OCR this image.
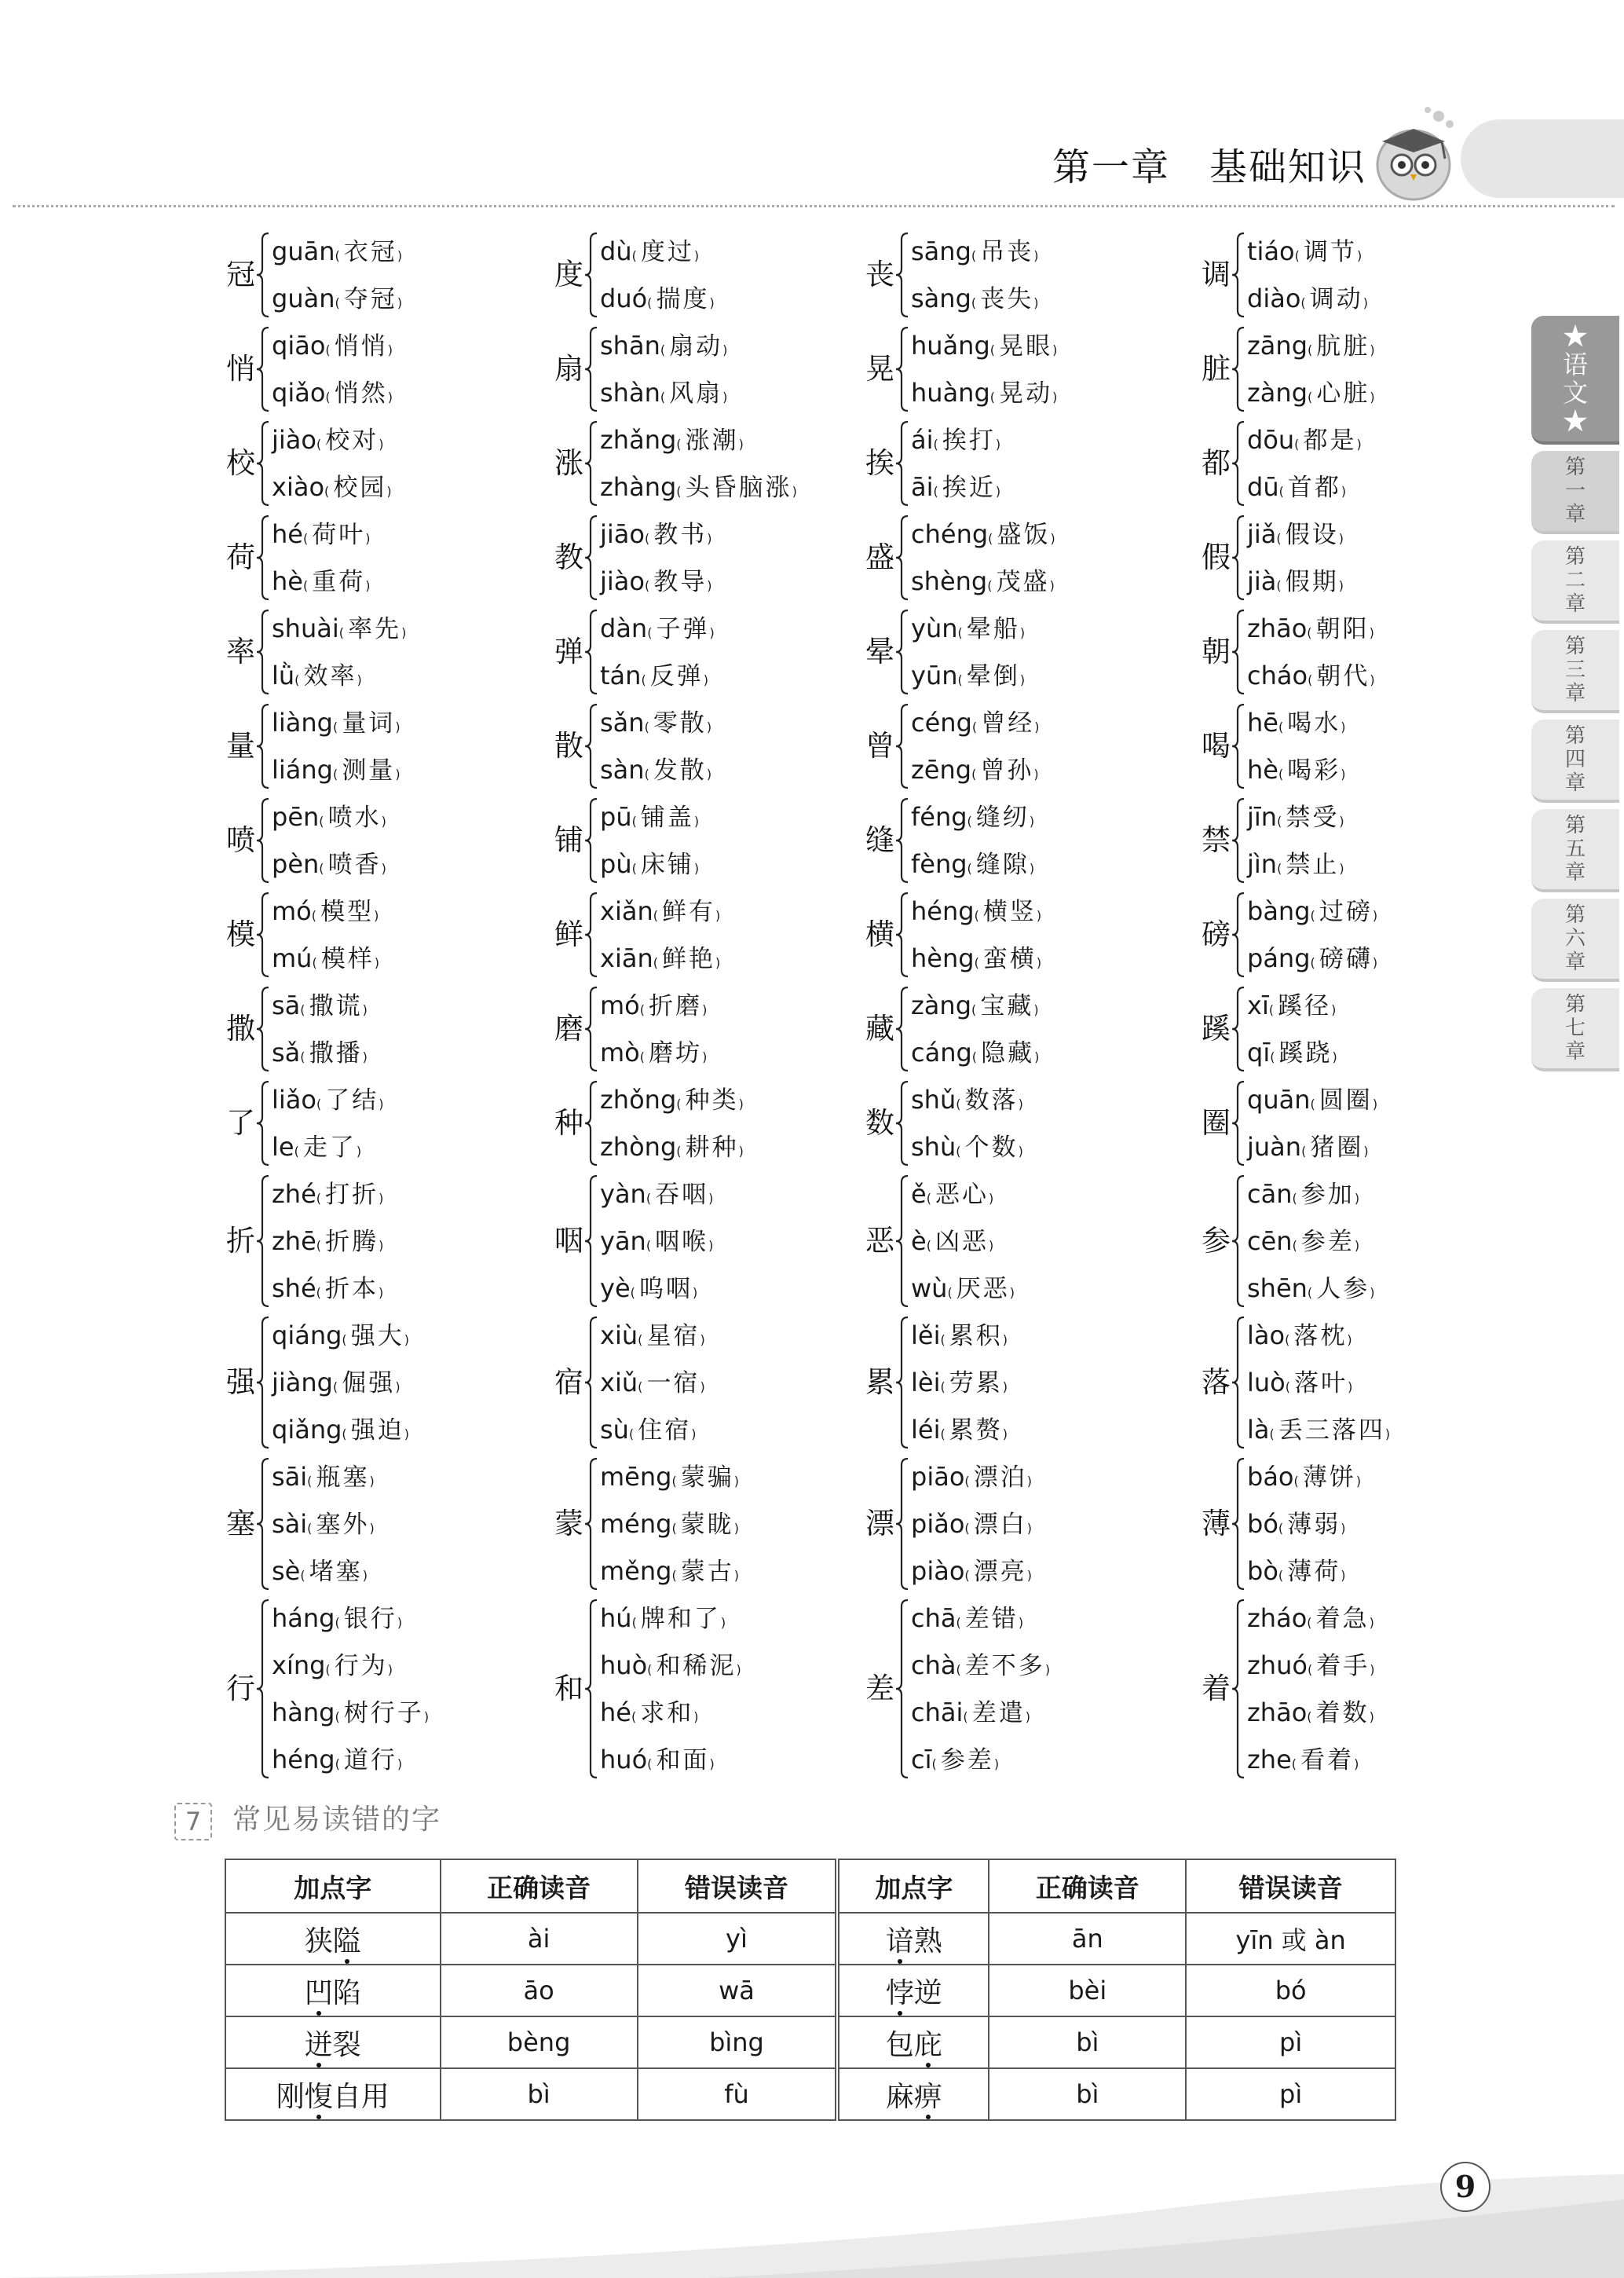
第一章　基础知识
★语文★
第一章
第二章
第三章
第四章
第五章
第六章
第七章
冠
guān( 衣冠)
guàn( 夺冠)
度
dù( 度过)
duó( 揣度)
丧
sāng( 吊丧)
sàng( 丧失)
调
tiáo( 调节)
diào( 调动)
悄
qiāo( 悄悄)
qiǎo( 悄然)
扇
shān( 扇动)
shàn( 风扇)
晃
huǎng( 晃眼)
huàng( 晃动)
脏
zāng( 肮脏)
zàng( 心脏)
校
jiào( 校对)
xiào( 校园)
涨
zhǎng( 涨潮)
zhàng( 头昏脑涨)
挨
ái( 挨打)
āi( 挨近)
都
dōu( 都是)
dū( 首都)
荷
hé( 荷叶)
hè( 重荷)
教
jiāo( 教书)
jiào( 教导)
盛
chéng( 盛饭)
shèng( 茂盛)
假
jiǎ( 假设)
jià( 假期)
率
shuài( 率先)
lǜ( 效率)
弹
dàn( 子弹)
tán( 反弹)
晕
yùn( 晕船)
yūn( 晕倒)
朝
zhāo( 朝阳)
cháo( 朝代)
量
liàng( 量词)
liáng( 测量)
散
sǎn( 零散)
sàn( 发散)
曾
céng( 曾经)
zēng( 曾孙)
喝
hē( 喝水)
hè( 喝彩)
喷
pēn( 喷水)
pèn( 喷香)
铺
pū( 铺盖)
pù( 床铺)
缝
féng( 缝纫)
fèng( 缝隙)
禁
jīn( 禁受)
jìn( 禁止)
模
mó( 模型)
mú( 模样)
鲜
xiǎn( 鲜有)
xiān( 鲜艳)
横
héng( 横竖)
hèng( 蛮横)
磅
bàng( 过磅)
páng( 磅礴)
撒
sā( 撒谎)
sǎ( 撒播)
磨
mó( 折磨)
mò( 磨坊)
藏
zàng( 宝藏)
cáng( 隐藏)
蹊
xī( 蹊径)
qī( 蹊跷)
了
liǎo( 了结)
le( 走了)
种
zhǒng( 种类)
zhòng( 耕种)
数
shǔ( 数落)
shù( 个数)
圈
quān( 圆圈)
juàn( 猪圈)
折
zhé( 打折)
zhē( 折腾)
shé( 折本)
咽
yàn( 吞咽)
yān( 咽喉)
yè( 呜咽)
恶
ě( 恶心)
è( 凶恶)
wù( 厌恶)
参
cān( 参加)
cēn( 参差)
shēn( 人参)
强
qiáng( 强大)
jiàng( 倔强)
qiǎng( 强迫)
宿
xiù( 星宿)
xiǔ( 一宿)
sù( 住宿)
累
lěi( 累积)
lèi( 劳累)
léi( 累赘)
落
lào( 落枕)
luò( 落叶)
là( 丢三落四)
塞
sāi( 瓶塞)
sài( 塞外)
sè( 堵塞)
蒙
mēng( 蒙骗)
méng( 蒙眬)
měng( 蒙古)
漂
piāo( 漂泊)
piǎo( 漂白)
piào( 漂亮)
薄
báo( 薄饼)
bó( 薄弱)
bò( 薄荷)
行
háng( 银行)
xíng( 行为)
hàng( 树行子)
héng( 道行)
和
hú( 牌和了)
huò( 和稀泥)
hé( 求和)
huó( 和面)
差
chā( 差错)
chà( 差不多)
chāi( 差遣)
cī( 参差)
着
zháo( 着急)
zhuó( 着手)
zhāo( 着数)
zhe( 看着)
7	常见易读错的字
加点字	正确读音	错误读音	加点字	正确读音	错误读音
狭隘	ài	yì	谙熟	ān	yīn 或 àn
凹陷	āo	wā	悖逆	bèi	bó
迸裂	bèng	bìng	包庇	bì	pì
刚愎自用	bì	fù	麻痹	bì	pì
9
